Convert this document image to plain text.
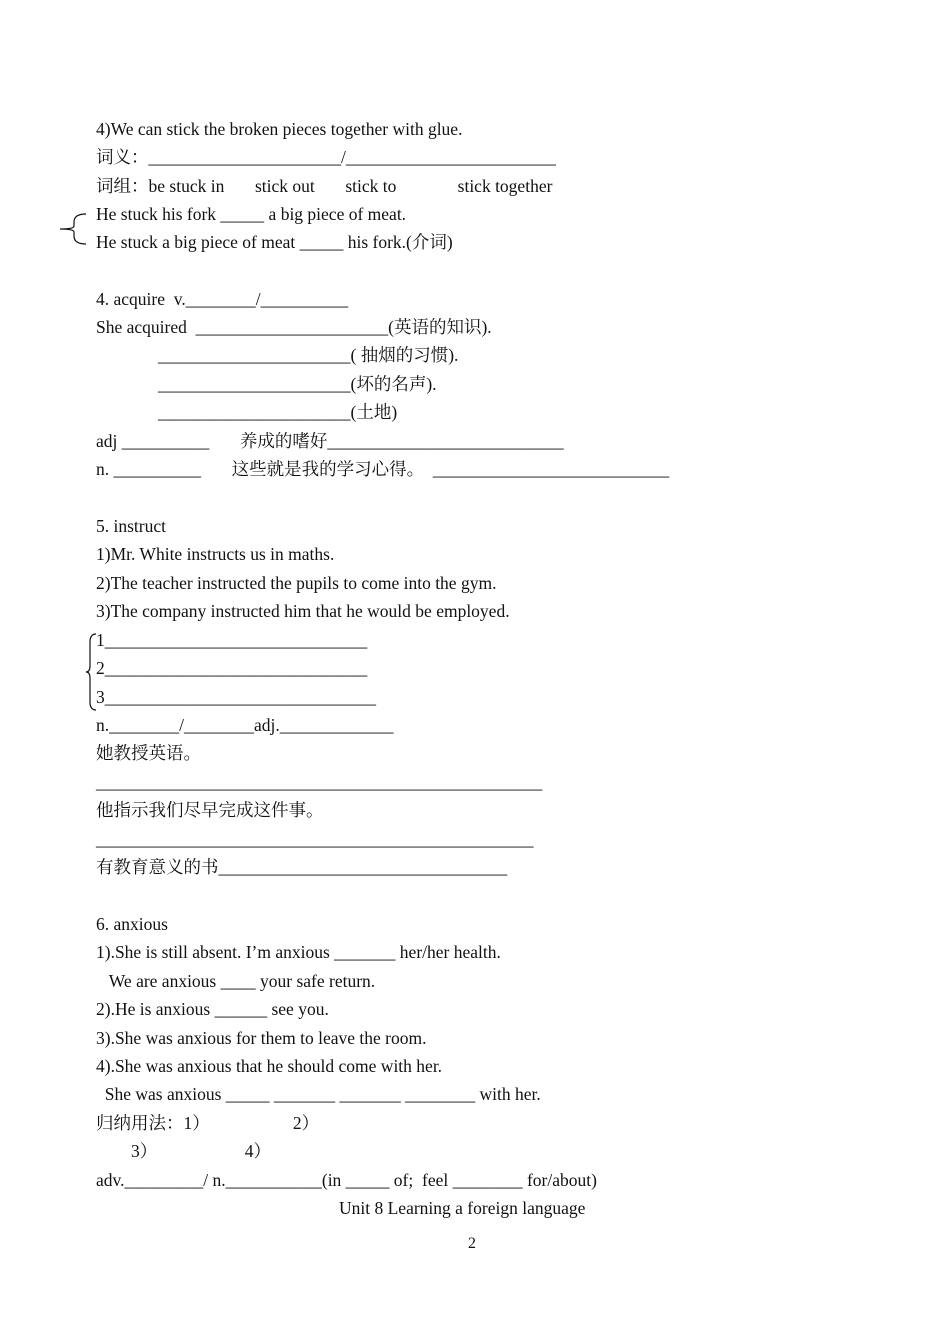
4)We can stick the broken pieces together with glue.
词义：______________________/________________________
词组：be stuck in       stick out       stick to              stick together
He stuck his fork _____ a big piece of meat.
He stuck a big piece of meat _____ his fork.(介词)
4. acquire  v.________/__________
She acquired  ______________________(英语的知识).
______________________( 抽烟的习惯).
______________________(坏的名声).
______________________(土地)
adj __________       养成的嗜好___________________________
n. __________       这些就是我的学习心得。  ___________________________
5. instruct
1)Mr. White instructs us in maths.
2)The teacher instructed the pupils to come into the gym.
3)The company instructed him that he would be employed.
1______________________________
2______________________________
3_______________________________
n.________/________adj._____________
她教授英语。
___________________________________________________
他指示我们尽早完成这件事。
__________________________________________________
有教育意义的书_________________________________
6. anxious
1).She is still absent. I’m anxious _______ her/her health.
We are anxious ____ your safe return.
2).He is anxious ______ see you.
3).She was anxious for them to leave the room.
4).She was anxious that he should come with her.
She was anxious _____ _______ _______ ________ with her.
归纳用法：1）                   2）
3）                    4）
adv._________/ n.___________(in _____ of;  feel ________ for/about)
Unit 8 Learning a foreign language
2
